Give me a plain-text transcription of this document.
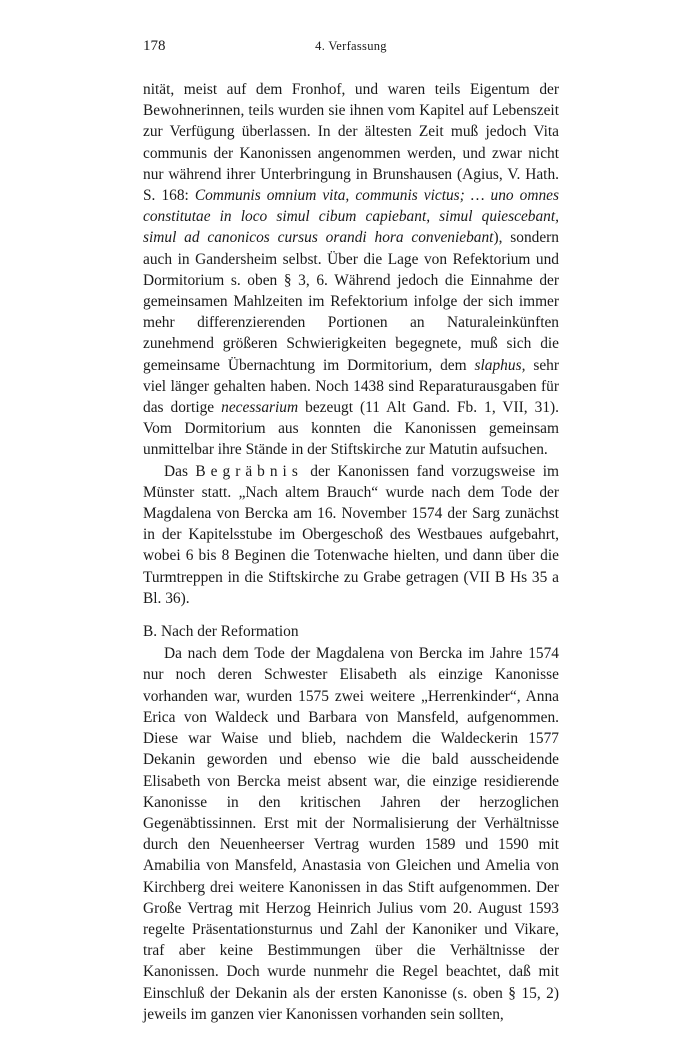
178	4. Verfassung

nität, meist auf dem Fronhof, und waren teils Eigentum der Bewohnerinnen, teils wurden sie ihnen vom Kapitel auf Lebenszeit zur Verfügung überlassen. In der ältesten Zeit muß jedoch Vita communis der Kanonissen angenommen werden, und zwar nicht nur während ihrer Unterbringung in Brunshausen (Agius, V. Hath. S. 168: Communis omnium vita, communis victus; … uno omnes constitutae in loco simul cibum capiebant, simul quiescebant, simul ad canonicos cursus orandi hora conveniebant), sondern auch in Gandersheim selbst. Über die Lage von Refektorium und Dormitorium s. oben § 3, 6. Während jedoch die Einnahme der gemeinsamen Mahlzeiten im Refektorium infolge der sich immer mehr differenzierenden Portionen an Naturaleinkünften zunehmend größeren Schwierigkeiten begegnete, muß sich die gemeinsame Übernachtung im Dormitorium, dem slaphus, sehr viel länger gehalten haben. Noch 1438 sind Reparaturausgaben für das dortige necessarium bezeugt (11 Alt Gand. Fb. 1, VII, 31). Vom Dormitorium aus konnten die Kanonissen gemeinsam unmittelbar ihre Stände in der Stiftskirche zur Matutin aufsuchen.

Das Begräbnis der Kanonissen fand vorzugsweise im Münster statt. „Nach altem Brauch“ wurde nach dem Tode der Magdalena von Bercka am 16. November 1574 der Sarg zunächst in der Kapitelsstube im Obergeschoß des Westbaues aufgebahrt, wobei 6 bis 8 Beginen die Totenwache hielten, und dann über die Turmtreppen in die Stiftskirche zu Grabe getragen (VII B Hs 35 a Bl. 36).

B. Nach der Reformation

Da nach dem Tode der Magdalena von Bercka im Jahre 1574 nur noch deren Schwester Elisabeth als einzige Kanonisse vorhanden war, wurden 1575 zwei weitere „Herrenkinder“, Anna Erica von Waldeck und Barbara von Mansfeld, aufgenommen. Diese war Waise und blieb, nachdem die Waldeckerin 1577 Dekanin geworden und ebenso wie die bald ausscheidende Elisabeth von Bercka meist absent war, die einzige residierende Kanonisse in den kritischen Jahren der herzoglichen Gegenäbtissinnen. Erst mit der Normalisierung der Verhältnisse durch den Neuenheerser Vertrag wurden 1589 und 1590 mit Amabilia von Mansfeld, Anastasia von Gleichen und Amelia von Kirchberg drei weitere Kanonissen in das Stift aufgenommen. Der Große Vertrag mit Herzog Heinrich Julius vom 20. August 1593 regelte Präsentationsturnus und Zahl der Kanoniker und Vikare, traf aber keine Bestimmungen über die Verhältnisse der Kanonissen. Doch wurde nunmehr die Regel beachtet, daß mit Einschluß der Dekanin als der ersten Kanonisse (s. oben § 15, 2) jeweils im ganzen vier Kanonissen vorhanden sein sollten,
